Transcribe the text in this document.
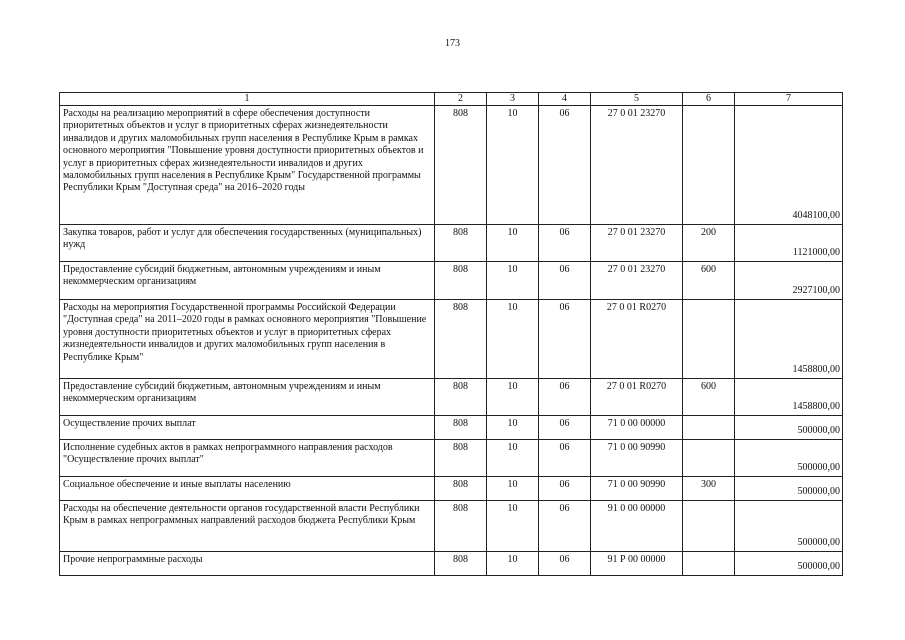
173
1	2	3	4	5	6	7
Расходы на реализацию мероприятий в сфере обеспечения доступности приоритетных объектов и услуг в приоритетных сферах жизнедеятельности инвалидов и других маломобильных групп населения в Республике Крым в рамках основного мероприятия "Повышение уровня доступности приоритетных объектов и услуг в приоритетных сферах жизнедеятельности инвалидов и других маломобильных групп населения в Республике Крым" Государственной программы Республики Крым "Доступная среда" на 2016–2020 годы	808	10	06	27 0 01 23270		4048100,00
Закупка товаров, работ и услуг для обеспечения государственных (муниципальных) нужд	808	10	06	27 0 01 23270	200	1121000,00
Предоставление субсидий бюджетным, автономным учреждениям и иным некоммерческим организациям	808	10	06	27 0 01 23270	600	2927100,00
Расходы на мероприятия Государственной программы Российской Федерации "Доступная среда" на 2011–2020 годы в рамках основного мероприятия "Повышение уровня доступности приоритетных объектов и услуг в приоритетных сферах жизнедеятельности инвалидов и других маломобильных групп населения в Республике Крым"	808	10	06	27 0 01 R0270		1458800,00
Предоставление субсидий бюджетным, автономным учреждениям и иным некоммерческим организациям	808	10	06	27 0 01 R0270	600	1458800,00
Осуществление прочих выплат	808	10	06	71 0 00 00000		500000,00
Исполнение судебных актов в рамках непрограммного направления расходов "Осуществление прочих выплат"	808	10	06	71 0 00 90990		500000,00
Социальное обеспечение и иные выплаты населению	808	10	06	71 0 00 90990	300	500000,00
Расходы на обеспечение деятельности органов государственной власти Республики Крым в рамках непрограммных направлений расходов бюджета Республики Крым	808	10	06	91 0 00 00000		500000,00
Прочие непрограммные расходы	808	10	06	91 Р 00 00000		500000,00
